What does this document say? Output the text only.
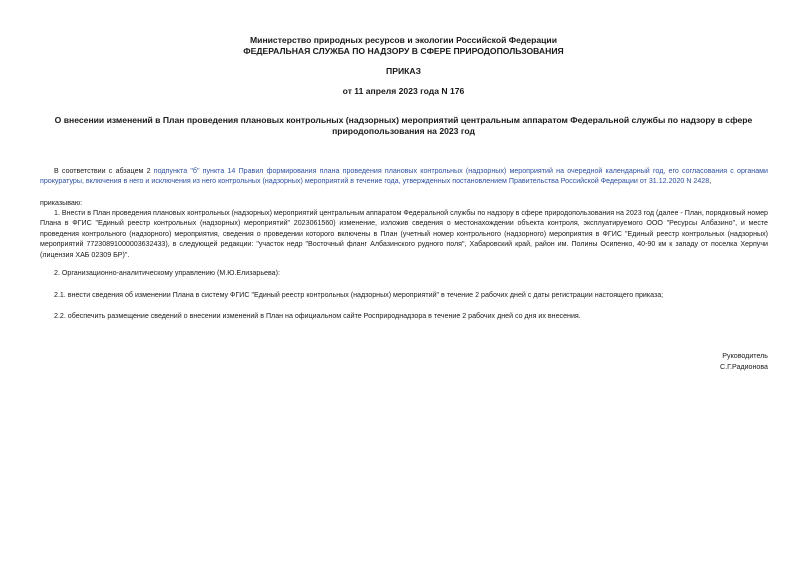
Министерство природных ресурсов и экологии Российской Федерации
ФЕДЕРАЛЬНАЯ СЛУЖБА ПО НАДЗОРУ В СФЕРЕ ПРИРОДОПОЛЬЗОВАНИЯ
ПРИКАЗ
от 11 апреля 2023 года N 176
О внесении изменений в План проведения плановых контрольных (надзорных) мероприятий центральным аппаратом Федеральной службы по надзору в сфере
природопользования на 2023 год
В соответствии с абзацем 2 подпункта "б" пункта 14 Правил формирования плана проведения плановых контрольных (надзорных) мероприятий на очередной календарный год, его согласования с органами прокуратуры, включения в него и исключения из него контрольных (надзорных) мероприятий в течение года, утвержденных постановлением Правительства Российской Федерации от 31.12.2020 N 2428,
приказываю:
1. Внести в План проведения плановых контрольных (надзорных) мероприятий центральным аппаратом Федеральной службы по надзору в сфере природопользования на 2023 год (далее - План, порядковый номер Плана в ФГИС "Единый реестр контрольных (надзорных) мероприятий" 2023061560) изменение, изложив сведения о местонахождении объекта контроля, эксплуатируемого ООО "Ресурсы Албазино", и месте проведения контрольного (надзорного) мероприятия, сведения о проведении которого включены в План (учетный номер контрольного (надзорного) мероприятия в ФГИС "Единый реестр контрольных (надзорных) мероприятий 77230891000003632433), в следующей редакции: "участок недр "Восточный фланг Албазинского рудного поля", Хабаровский край, район им. Полины Осипенко, 40-90 км к западу от поселка Херпучи (лицензия ХАБ 02309 БР)".
2. Организационно-аналитическому управлению (М.Ю.Елизарьева):
2.1. внести сведения об изменении Плана в систему ФГИС "Единый реестр контрольных (надзорных) мероприятий" в течение 2 рабочих дней с даты регистрации настоящего приказа;
2.2. обеспечить размещение сведений о внесении изменений в План на официальном сайте Росприроднадзора в течение 2 рабочих дней со дня их внесения.
Руководитель
С.Г.Радионова
